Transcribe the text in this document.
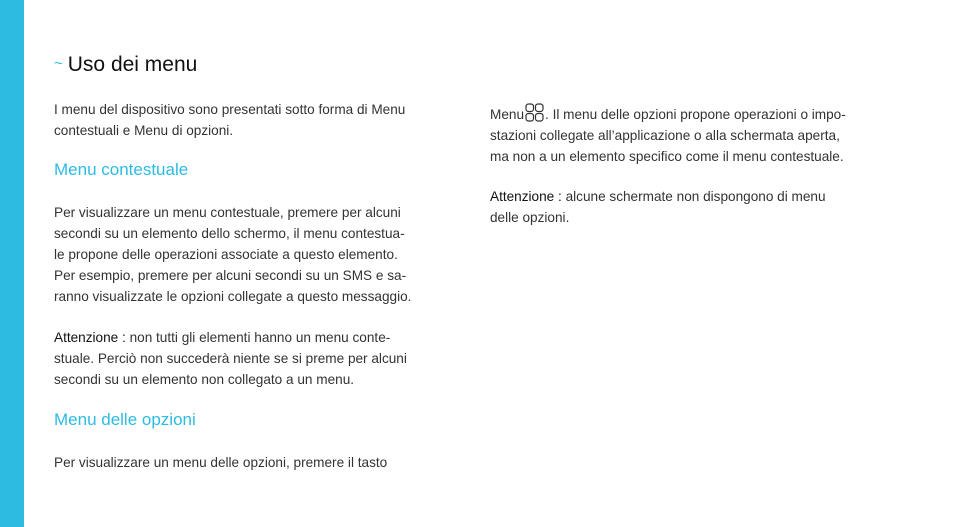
~ Uso dei menu

I menu del dispositivo sono presentati sotto forma di Menu
contestuali e Menu di opzioni.

Menu contestuale

Per visualizzare un menu contestuale, premere per alcuni
secondi su un elemento dello schermo, il menu contestua-
le propone delle operazioni associate a questo elemento.
Per esempio, premere per alcuni secondi su un SMS e sa-
ranno visualizzate le opzioni collegate a questo messaggio.

Attenzione : non tutti gli elementi hanno un menu conte-
stuale. Perciò non succederà niente se si preme per alcuni
secondi su un elemento non collegato a un menu.

Menu delle opzioni

Per visualizzare un menu delle opzioni, premere il tasto

Menu . Il menu delle opzioni propone operazioni o impo-
stazioni collegate all’applicazione o alla schermata aperta,
ma non a un elemento specifico come il menu contestuale.

Attenzione : alcune schermate non dispongono di menu
delle opzioni.
